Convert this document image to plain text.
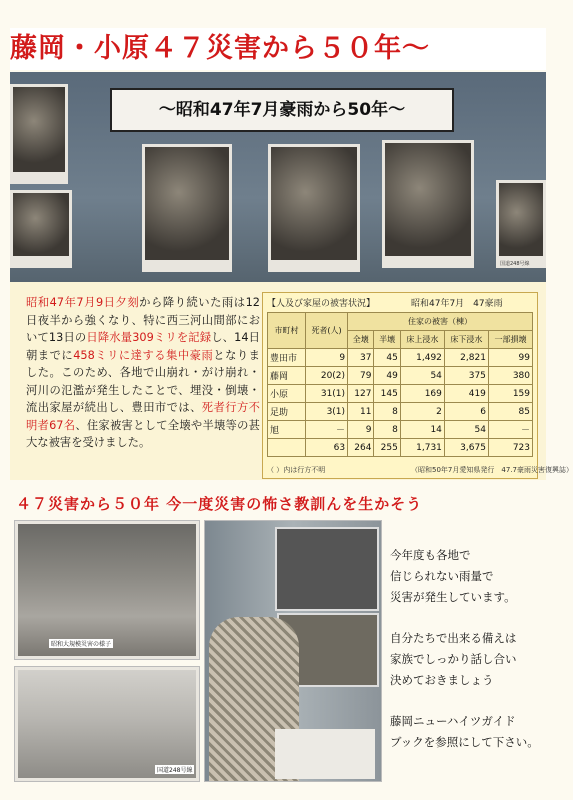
藤岡・小原４７災害から５０年～
～昭和47年7月豪雨から50年～
国道248号線
昭和47年7月9日夕刻から降り続いた雨は12日夜半から強くなり、特に西三河山間部において13日の日降水量309ミリを記録し、14日朝までに458ミリに達する集中豪雨となりました。このため、各地で山崩れ・がけ崩れ・河川の氾濫が発生したことで、埋没・倒壊・流出家屋が続出し、豊田市では、死者行方不明者67名、住家被害として全壊や半壊等の甚大な被害を受けました。
【人及び家屋の被害状況】	昭和47年7月　47豪雨
市町村	死者(人)	住家の被害（棟）				
		全壊	半壊	床上浸水	床下浸水	一部損壊
豊田市	9	37	45	1,492	2,821	99
藤岡	20(2)	79	49	54	375	380
小原	31(1)	127	145	169	419	159
足助	3(1)	11	8	2	6	85
旭	－	9	8	14	54	－
	63	264	255	1,731	3,675	723
（ ）内は行方不明	（昭和50年7月愛知県発行　47.7豪雨災害復興誌）
４７災害から５０年 今一度災害の怖さ教訓んを生かそう
昭和大規模災害の様子
国道248号線
今年度も各地で
信じられない雨量で
災害が発生しています。
自分たちで出来る備えは
家族でしっかり話し合い
決めておきましょう
藤岡ニューハイツガイド
ブックを参照にして下さい。
